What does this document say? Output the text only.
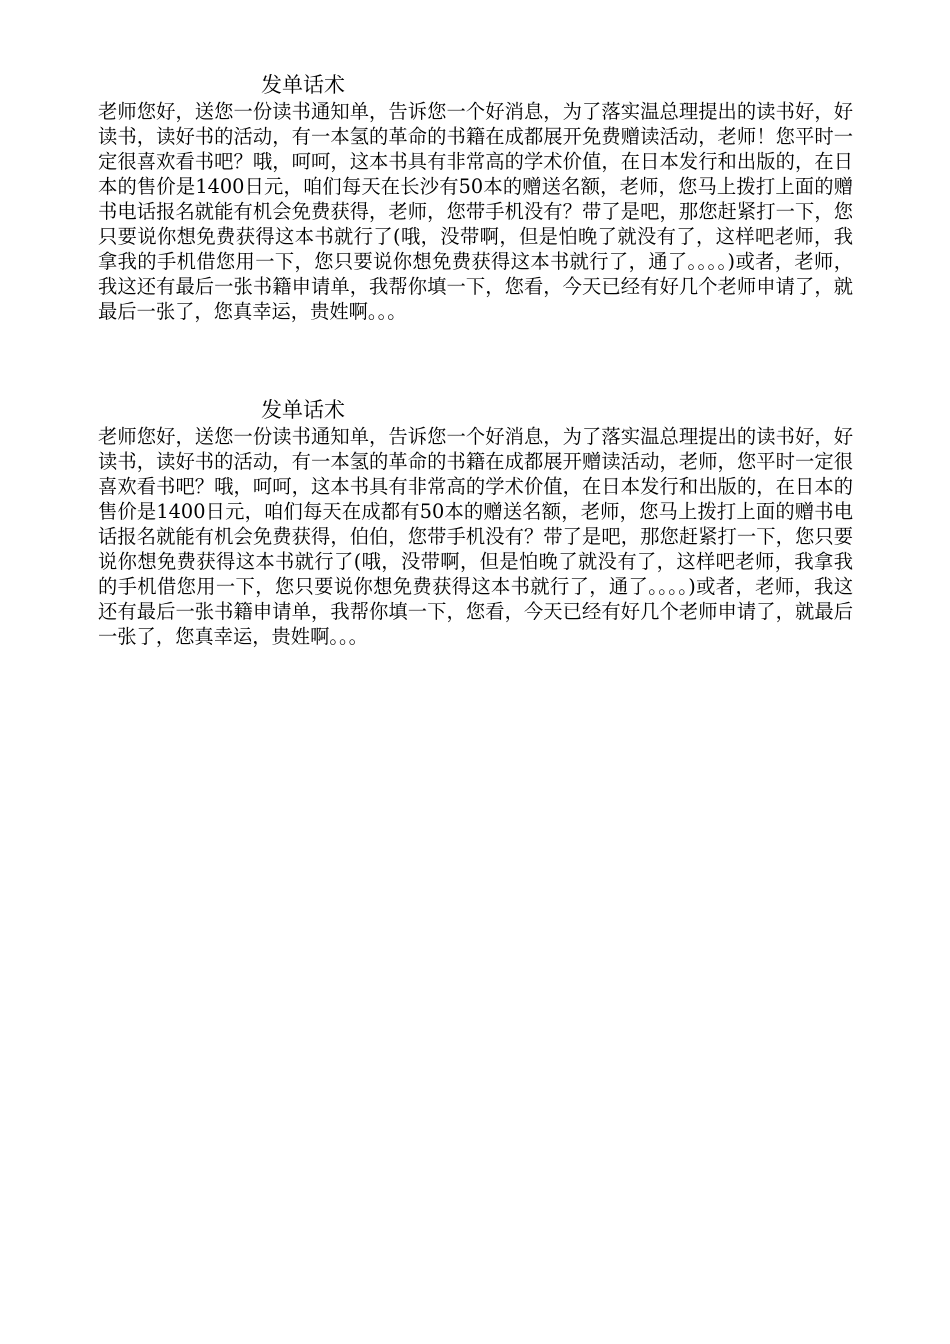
发单话术
老师您好，送您一份读书通知单，告诉您一个好消息，为了落实温总理提出的读书好，好读书，读好书的活动，有一本氢的革命的书籍在成都展开免费赠读活动，老师！您平时一定很喜欢看书吧？哦，呵呵，这本书具有非常高的学术价值，在日本发行和出版的，在日本的售价是1400日元，咱们每天在长沙有50本的赠送名额，老师，您马上拨打上面的赠书电话报名就能有机会免费获得，老师，您带手机没有？带了是吧，那您赶紧打一下，您只要说你想免费获得这本书就行了(哦，没带啊，但是怕晚了就没有了，这样吧老师，我拿我的手机借您用一下，您只要说你想免费获得这本书就行了，通了。。。。)或者，老师，我这还有最后一张书籍申请单，我帮你填一下，您看，今天已经有好几个老师申请了，就最后一张了，您真幸运，贵姓啊。。。
发单话术
老师您好，送您一份读书通知单，告诉您一个好消息，为了落实温总理提出的读书好，好读书，读好书的活动，有一本氢的革命的书籍在成都展开赠读活动，老师，您平时一定很喜欢看书吧？哦，呵呵，这本书具有非常高的学术价值，在日本发行和出版的，在日本的售价是1400日元，咱们每天在成都有50本的赠送名额，老师，您马上拨打上面的赠书电话报名就能有机会免费获得，伯伯，您带手机没有？带了是吧，那您赶紧打一下，您只要说你想免费获得这本书就行了(哦，没带啊，但是怕晚了就没有了，这样吧老师，我拿我的手机借您用一下，您只要说你想免费获得这本书就行了，通了。。。。)或者，老师，我这还有最后一张书籍申请单，我帮你填一下，您看，今天已经有好几个老师申请了，就最后一张了，您真幸运，贵姓啊。。。
